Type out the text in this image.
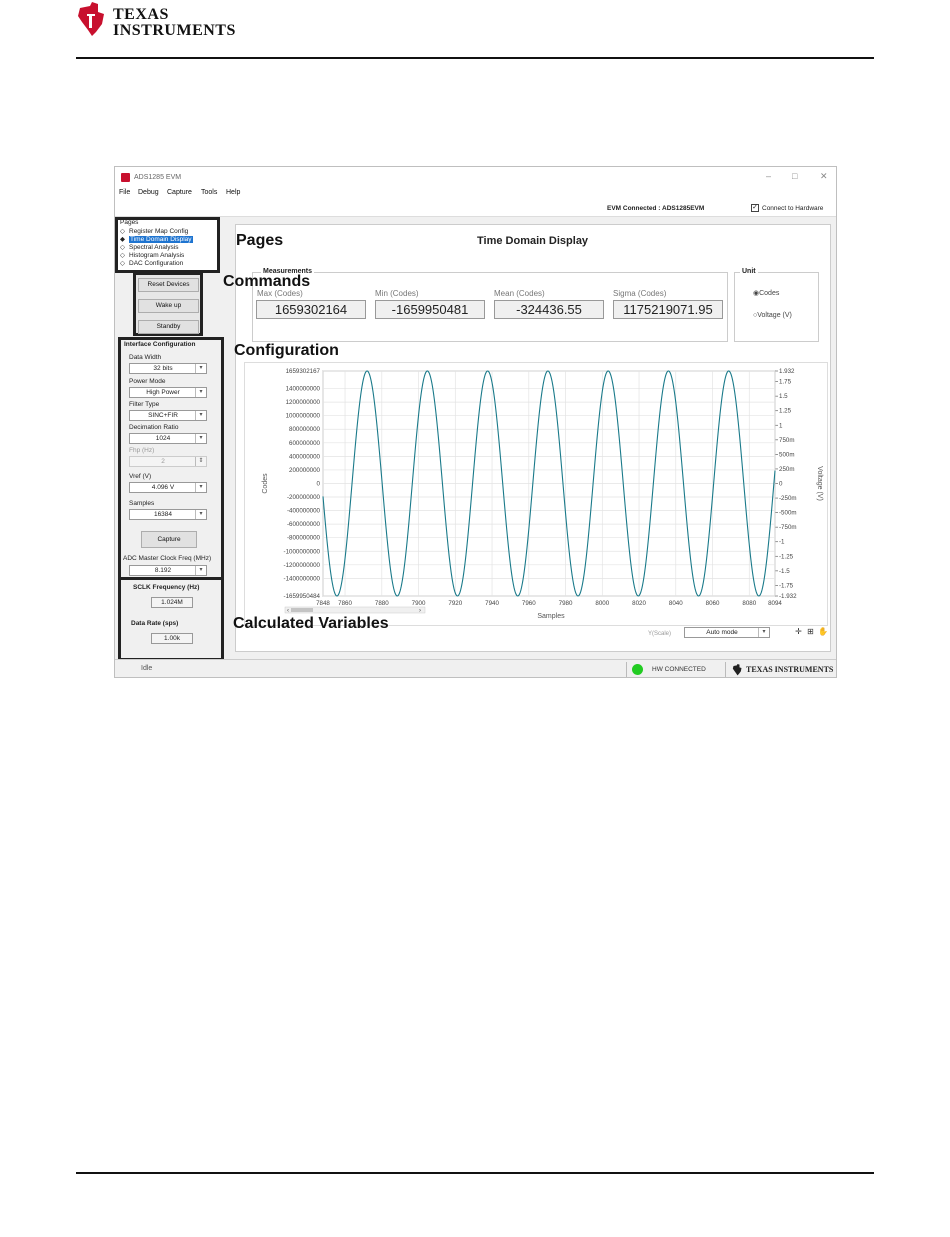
TEXAS
INSTRUMENTS
ADS1285 EVM	– □	✕
File Debug Capture Tools Help
EVM Connected : ADS1285EVM	✓ Connect to Hardware
Pages
◇ Register Map Config
◆ Time Domain Display
◇ Spectral Analysis
◇ Histogram Analysis
◇ DAC Configuration
Reset Devices
Wake up
Standby
Interface Configuration
Data Width
32 bits	▾
Power Mode
High Power	▾
Filter Type
SINC+FIR	▾
Decimation Ratio
1024	▾
Fhp (Hz)
2	⇕
Vref (V)
4.096 V	▾
Samples
16384	▾
Capture
ADC Master Clock Freq (MHz)
8.192	▾
SCLK Frequency (Hz)
1.024M
Data Rate (sps)
1.00k
Time Domain Display
Measurements
Max (Codes)
1659302164
Min (Codes)
-1659950481
Mean (Codes)
-324436.55
Sigma (Codes)
1175219071.95
Unit
◉Codes
○Voltage (V)
1659302167
1400000000
1200000000
1000000000
800000000
600000000
400000000
200000000
0
-200000000
-400000000
-600000000
-800000000
-1000000000
-1200000000
-1400000000
-1659950484
1.932
1.75
1.5
1.25
1
750m
500m
250m
0
-250m
-500m
-750m
-1
-1.25
-1.5
-1.75
-1.932
7848 7860	7880	7900	7920	7940	7960	7980	8000	8020	8040	8060	8080 8094
Samples
Codes	Voltage (V)
‹	›
Y(Scale)	Auto mode	▾	✛ ⊞ ✋
Idle	HW CONNECTED	TEXAS INSTRUMENTS
Pages
Commands
Configuration
Calculated Variables
